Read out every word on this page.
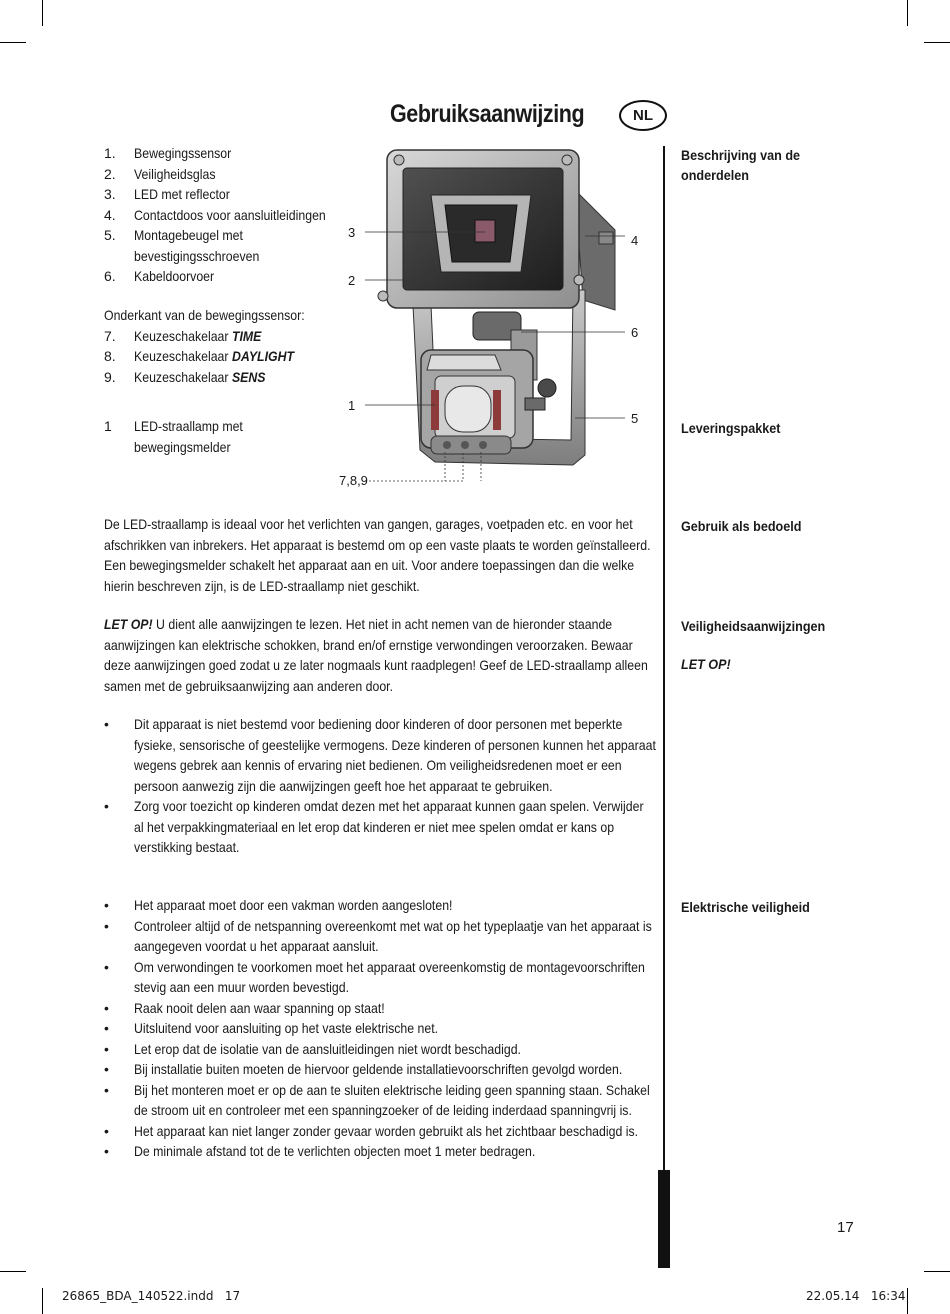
Gebruiksaanwijzing	NL
1. Bewegingssensor
2. Veiligheidsglas
3. LED met reflector
4. Contactdoos voor aansluitleidingen
5. Montagebeugel met
bevestigingsschroeven
6. Kabeldoorvoer
Onderkant van de bewegingssensor:
7. Keuzeschakelaar TIME
8. Keuzeschakelaar DAYLIGHT
9. Keuzeschakelaar SENS
1 LED-straallamp met
bewegingsmelder
3
2
1
4
6
5
7,8,9
Beschrijving van de
onderdelen
Leveringspakket
Gebruik als bedoeld
Veiligheidsaanwijzingen
LET OP!
Elektrische veiligheid
De LED-straallamp is ideaal voor het verlichten van gangen, garages, voetpaden etc. en voor het
afschrikken van inbrekers. Het apparaat is bestemd om op een vaste plaats te worden geïnstalleerd.
Een bewegingsmelder schakelt het apparaat aan en uit. Voor andere toepassingen dan die welke
hierin beschreven zijn, is de LED-straallamp niet geschikt.
LET OP! U dient alle aanwijzingen te lezen. Het niet in acht nemen van de hieronder staande
aanwijzingen kan elektrische schokken, brand en/of ernstige verwondingen veroorzaken. Bewaar
deze aanwijzingen goed zodat u ze later nogmaals kunt raadplegen! Geef de LED-straallamp alleen
samen met de gebruiksaanwijzing aan anderen door.
• Dit apparaat is niet bestemd voor bediening door kinderen of door personen met beperkte
fysieke, sensorische of geestelijke vermogens. Deze kinderen of personen kunnen het apparaat
wegens gebrek aan kennis of ervaring niet bedienen. Om veiligheidsredenen moet er een
persoon aanwezig zijn die aanwijzingen geeft hoe het apparaat te gebruiken.
• Zorg voor toezicht op kinderen omdat dezen met het apparaat kunnen gaan spelen. Verwijder
al het verpakkingmateriaal en let erop dat kinderen er niet mee spelen omdat er kans op
verstikking bestaat.
• Het apparaat moet door een vakman worden aangesloten!
• Controleer altijd of de netspanning overeenkomt met wat op het typeplaatje van het apparaat is
aangegeven voordat u het apparaat aansluit.
• Om verwondingen te voorkomen moet het apparaat overeenkomstig de montagevoorschriften
stevig aan een muur worden bevestigd.
• Raak nooit delen aan waar spanning op staat!
• Uitsluitend voor aansluiting op het vaste elektrische net.
• Let erop dat de isolatie van de aansluitleidingen niet wordt beschadigd.
• Bij installatie buiten moeten de hiervoor geldende installatievoorschriften gevolgd worden.
• Bij het monteren moet er op de aan te sluiten elektrische leiding geen spanning staan. Schakel
de stroom uit en controleer met een spanningzoeker of de leiding inderdaad spanningvrij is.
• Het apparaat kan niet langer zonder gevaar worden gebruikt als het zichtbaar beschadigd is.
• De minimale afstand tot de te verlichten objecten moet 1 meter bedragen.
17
26865_BDA_140522.indd   17	22.05.14   16:34
